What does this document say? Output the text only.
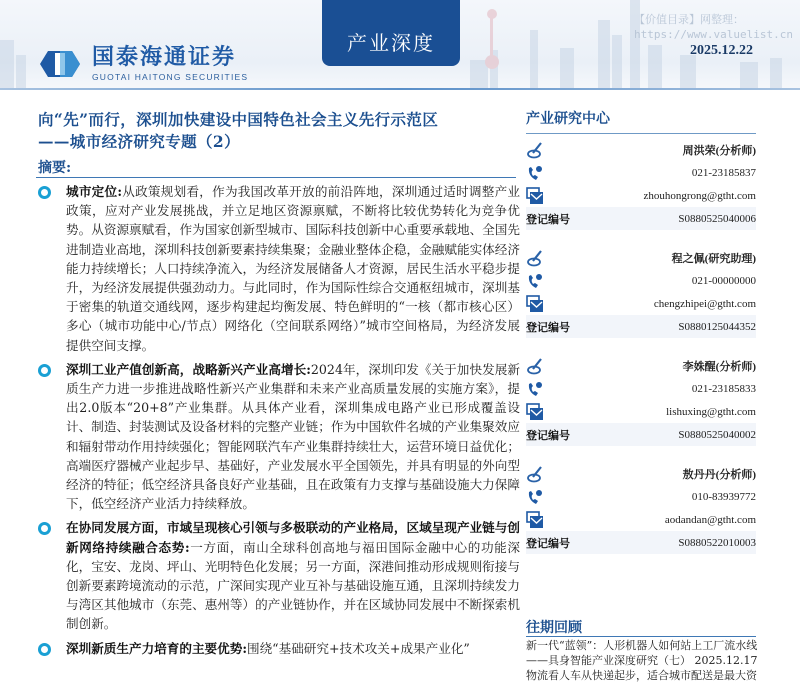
国泰海通证券
GUOTAI HAITONG SECURITIES
产业深度
【价值目录】网整理：
https://www.valuelist.cn
2025.12.22
向“先”而行，深圳加快建设中国特色社会主义先行示范区
——城市经济研究专题（2）
摘要:
城市定位:从政策规划看，作为我国改革开放的前沿阵地，深圳通过适时调整产业政策，应对产业发展挑战，并立足地区资源禀赋，不断将比较优势转化为竞争优势。从资源禀赋看，作为国家创新型城市、国际科技创新中心重要承载地、全国先进制造业高地，深圳科技创新要素持续集聚；金融业整体企稳，金融赋能实体经济能力持续增长；人口持续净流入，为经济发展储备人才资源，居民生活水平稳步提升，为经济发展提供强劲动力。与此同时，作为国际性综合交通枢纽城市，深圳基于密集的轨道交通线网，逐步构建起均衡发展、特色鲜明的“一核（都市核心区）多心（城市功能中心/节点）网络化（空间联系网络）”城市空间格局，为经济发展提供空间支撑。
深圳工业产值创新高，战略新兴产业高增长:2024年，深圳印发《关于加快发展新质生产力进一步推进战略性新兴产业集群和未来产业高质量发展的实施方案》，提出2.0版本“20+8”产业集群。从具体产业看，深圳集成电路产业已形成覆盖设计、制造、封装测试及设备材料的完整产业链；作为中国软件名城的产业集聚效应和辐射带动作用持续强化；智能网联汽车产业集群持续壮大，运营环境日益优化；高端医疗器械产业起步早、基础好，产业发展水平全国领先，并具有明显的外向型经济的特征；低空经济具备良好产业基础，且在政策有力支撑与基础设施大力保障下，低空经济产业活力持续释放。
在协同发展方面，市域呈现核心引领与多极联动的产业格局，区域呈现产业链与创新网络持续融合态势:一方面，南山全球科创高地与福田国际金融中心的功能深化，宝安、龙岗、坪山、光明特色化发展；另一方面，深港间推动形成规则衔接与创新要素跨境流动的示范，广深间实现产业互补与基础设施互通，且深圳持续发力与湾区其他城市（东莞、惠州等）的产业链协作，并在区域协同发展中不断探索机制创新。
深圳新质生产力培育的主要优势:围绕“基础研究+技术攻关+成果产业化”
产业研究中心
周洪荣(分析师)
021-23185837
zhouhongrong@gtht.com
登记编号	S0880525040006
程之佩(研究助理)
021-00000000
chengzhipei@gtht.com
登记编号	S0880125044352
李姝醒(分析师)
021-23185833
lishuxing@gtht.com
登记编号	S0880525040002
敖丹丹(分析师)
010-83939772
aodandan@gtht.com
登记编号	S0880522010003
往期回顾
新一代“蓝领”：人形机器人如何站上工厂流水线
——具身智能产业深度研究（七） 2025.12.17
物流看人车从快递起步，适合城市配送是最大资
